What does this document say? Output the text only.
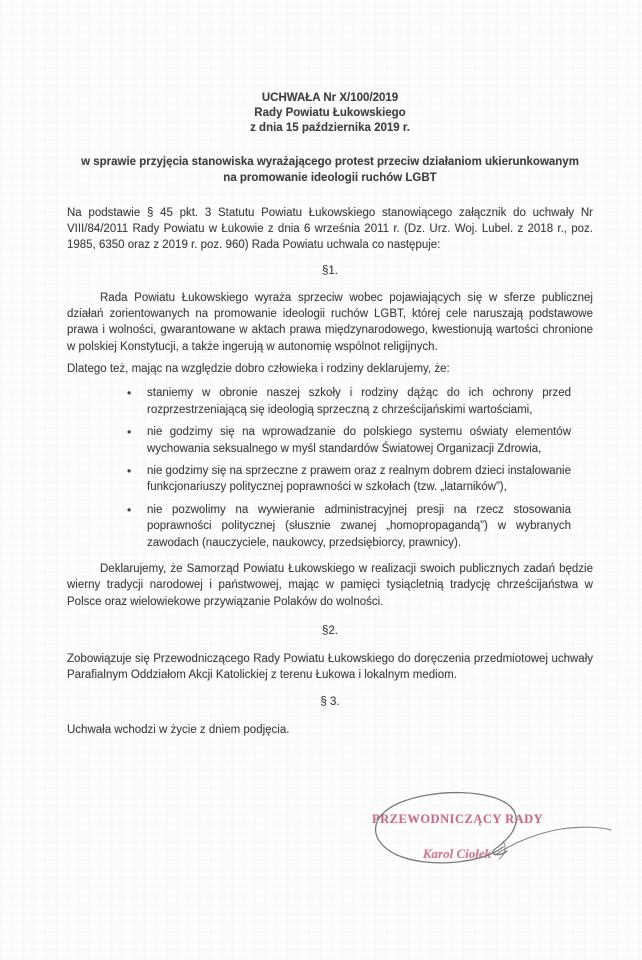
UCHWAŁA Nr X/100/2019
Rady Powiatu Łukowskiego
z dnia 15 października 2019 r.
w sprawie przyjęcia stanowiska wyrażającego protest przeciw działaniom ukierunkowanym na promowanie ideologii ruchów LGBT

Na podstawie § 45 pkt. 3 Statutu Powiatu Łukowskiego stanowiącego załącznik do uchwały Nr VIII/84/2011 Rady Powiatu w Łukowie z dnia 6 września 2011 r. (Dz. Urz. Woj. Lubel. z 2018 r., poz. 1985, 6350 oraz z 2019 r. poz. 960) Rada Powiatu uchwala co następuje:

§1.

Rada Powiatu Łukowskiego wyraża sprzeciw wobec pojawiających się w sferze publicznej działań zorientowanych na promowanie ideologii ruchów LGBT, której cele naruszają podstawowe prawa i wolności, gwarantowane w aktach prawa międzynarodowego, kwestionują wartości chronione w polskiej Konstytucji, a także ingerują w autonomię wspólnot religijnych.

Dlatego też, mając na względzie dobro człowieka i rodziny deklarujemy, że:

• staniemy w obronie naszej szkoły i rodziny dążąc do ich ochrony przed rozprzestrzeniającą się ideologią sprzeczną z chrześcijańskimi wartościami,
• nie godzimy się na wprowadzanie do polskiego systemu oświaty elementów wychowania seksualnego w myśl standardów Światowej Organizacji Zdrowia,
• nie godzimy się na sprzeczne z prawem oraz z realnym dobrem dzieci instalowanie funkcjonariuszy politycznej poprawności w szkołach (tzw. „latarników”),
• nie pozwolimy na wywieranie administracyjnej presji na rzecz stosowania poprawności politycznej (słusznie zwanej „homopropagandą”) w wybranych zawodach (nauczyciele, naukowcy, przedsiębiorcy, prawnicy).

Deklarujemy, że Samorząd Powiatu Łukowskiego w realizacji swoich publicznych zadań będzie wierny tradycji narodowej i państwowej, mając w pamięci tysiącletnią tradycję chrześcijaństwa w Polsce oraz wielowiekowe przywiązanie Polaków do wolności.

§2.

Zobowiązuje się Przewodniczącego Rady Powiatu Łukowskiego do doręczenia przedmiotowej uchwały Parafialnym Oddziałom Akcji Katolickiej z terenu Łukowa i lokalnym mediom.

§ 3.

Uchwała wchodzi w życie z dniem podjęcia.

PRZEWODNICZĄCY RADY
Karol Ciołek
